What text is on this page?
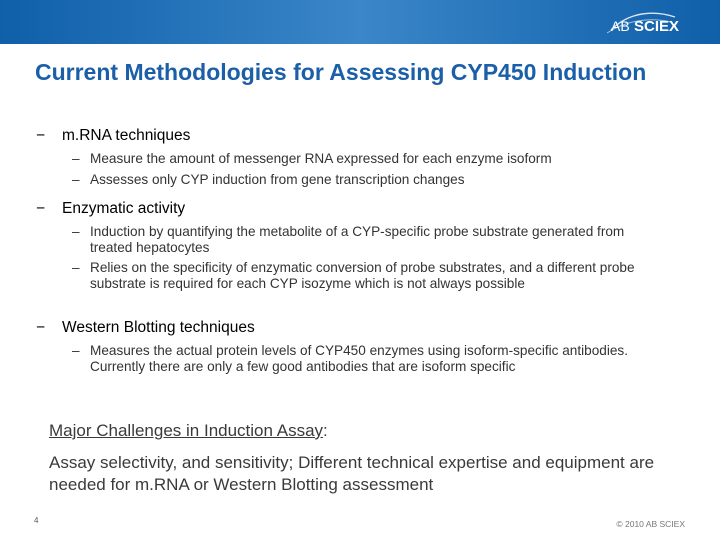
AB SCIEX
Current Methodologies for Assessing CYP450 Induction
− m.RNA techniques
– Measure the amount of messenger RNA expressed for each enzyme isoform
– Assesses only CYP induction from gene transcription changes
− Enzymatic activity
– Induction by quantifying the metabolite of a CYP-specific probe substrate generated from treated hepatocytes
– Relies on the specificity of enzymatic conversion of probe substrates, and a different probe substrate is required for each CYP isozyme which is not always possible
− Western Blotting techniques
– Measures the actual protein levels of CYP450 enzymes using isoform-specific antibodies. Currently there are only a few good antibodies that are isoform specific
Major Challenges in Induction Assay:
Assay selectivity, and sensitivity; Different technical expertise and equipment are needed for m.RNA or Western Blotting assessment
4	© 2010 AB SCIEX
